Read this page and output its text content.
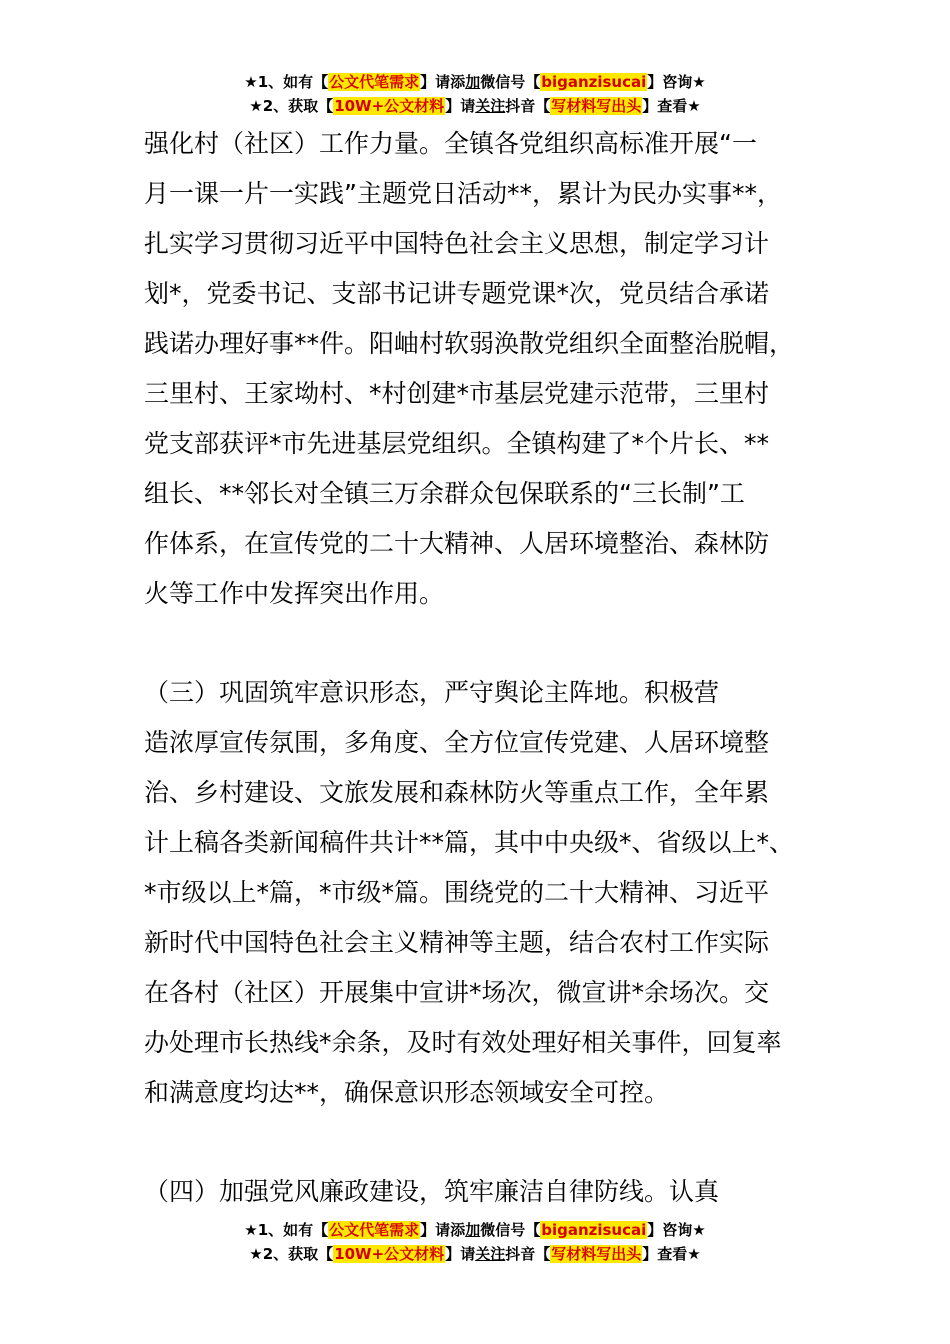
★1、如有【公文代笔需求】请添加微信号【biganzisucai】咨询★
★2、获取【10W+公文材料】请关注抖音【写材料写出头】查看★
强化村（社区）工作力量。全镇各党组织高标准开展“一
月一课一片一实践”主题党日活动**，累计为民办实事**，
扎实学习贯彻习近平中国特色社会主义思想，制定学习计
划*，党委书记、支部书记讲专题党课*次，党员结合承诺
践诺办理好事**件。阳岫村软弱涣散党组织全面整治脱帽，
三里村、王家坳村、*村创建*市基层党建示范带，三里村
党支部获评*市先进基层党组织。全镇构建了*个片长、**
组长、**邻长对全镇三万余群众包保联系的“三长制”工
作体系，在宣传党的二十大精神、人居环境整治、森林防
火等工作中发挥突出作用。
（三）巩固筑牢意识形态，严守舆论主阵地。积极营
造浓厚宣传氛围，多角度、全方位宣传党建、人居环境整
治、乡村建设、文旅发展和森林防火等重点工作，全年累
计上稿各类新闻稿件共计**篇，其中中央级*、省级以上*、
*市级以上*篇，*市级*篇。围绕党的二十大精神、习近平
新时代中国特色社会主义精神等主题，结合农村工作实际
在各村（社区）开展集中宣讲*场次，微宣讲*余场次。交
办处理市长热线*余条，及时有效处理好相关事件，回复率
和满意度均达**，确保意识形态领域安全可控。
（四）加强党风廉政建设，筑牢廉洁自律防线。认真
★1、如有【公文代笔需求】请添加微信号【biganzisucai】咨询★
★2、获取【10W+公文材料】请关注抖音【写材料写出头】查看★
